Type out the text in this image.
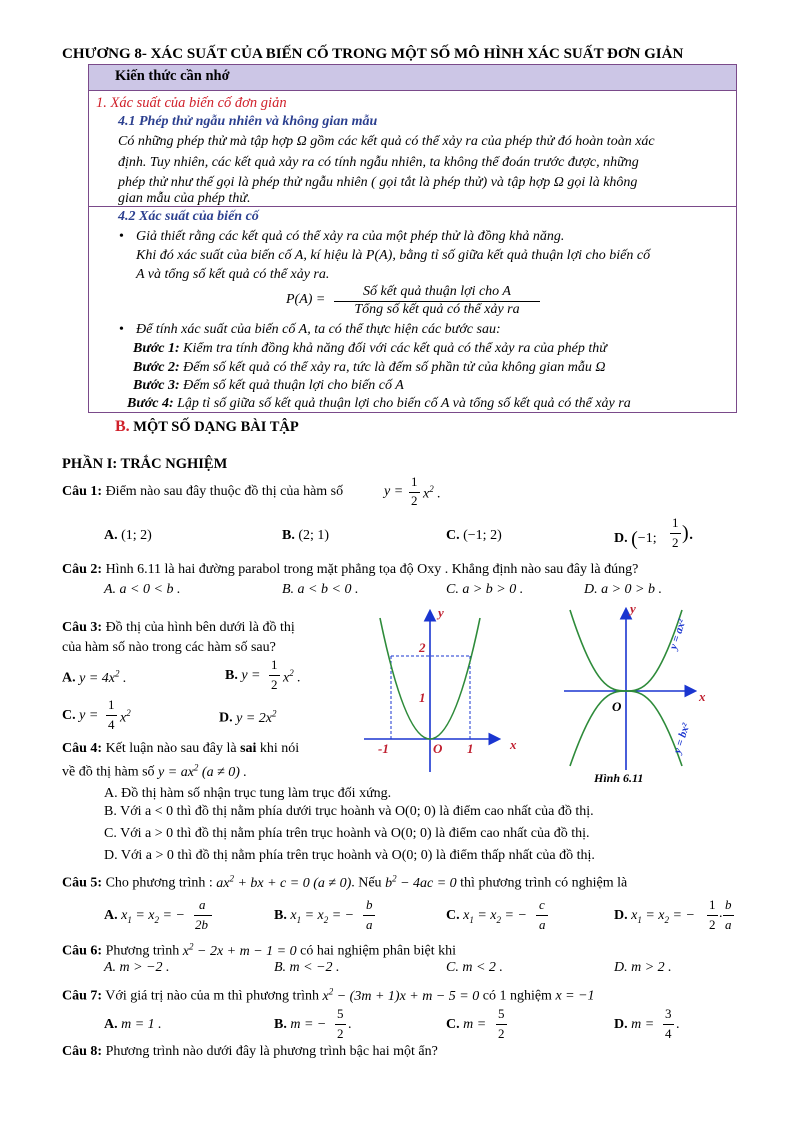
CHƯƠNG 8- XÁC SUẤT CỦA BIẾN CỐ TRONG MỘT SỐ MÔ HÌNH XÁC SUẤT ĐƠN GIẢN
Kiến thức cần nhớ
1. Xác suất của biến cố đơn giản
4.1 Phép thử ngẫu nhiên và không gian mẫu
Có những phép thử mà tập hợp Ω gồm các kết quả có thể xảy ra của phép thử đó hoàn toàn xác
định. Tuy nhiên, các kết quả xảy ra có tính ngẫu nhiên, ta không thể đoán trước được, những
phép thử như thế gọi là phép thử ngẫu nhiên ( gọi tắt là phép thử) và tập hợp Ω gọi là không
gian mẫu của phép thử.
4.2 Xác suất của biến cố
• Giả thiết rằng các kết quả có thể xảy ra của một phép thử là đồng khả năng.
Khi đó xác suất của biến cố A, kí hiệu là P(A), bằng tỉ số giữa kết quả thuận lợi cho biến cố
A và tổng số kết quả có thể xảy ra.
P(A) =
Số kết quả thuận lợi cho A
Tổng số kết quả có thể xảy ra
• Để tính xác suất của biến cố A, ta có thể thực hiện các bước sau:
Bước 1: Kiểm tra tính đồng khả năng đối với các kết quả có thể xảy ra của phép thử
Bước 2: Đếm số kết quả có thể xảy ra, tức là đếm số phần tử của không gian mẫu Ω
Bước 3: Đếm số kết quả thuận lợi cho biến cố A
Bước 4: Lập tỉ số giữa số kết quả thuận lợi cho biến cố A và tổng số kết quả có thể xảy ra
B. MỘT SỐ DẠNG BÀI TẬP
PHẦN I: TRẮC NGHIỆM
Câu 1: Điểm nào sau đây thuộc đồ thị của hàm số	y =
1
2 $x^2$ .
A. (1; 2)	B. (2; 1)	C. (−1; 2)	D. (−1;
1
2 ).
Câu 2: Hình 6.11 là hai đường parabol trong mặt phẳng tọa độ Oxy . Khẳng định nào sau đây là đúng?
A. a < 0 < b .	B. a < b < 0 .	C. a > b > 0 .	D. a > 0 > b .
Câu 3: Đồ thị của hình bên dưới là đồ thị
của hàm số nào trong các hàm số sau?
A. $y = 4x^2$ .	B. y =
1
2 $x^2$ .
C. y =
1
4 $x^2$	D. $y = 2x^2$
Câu 4: Kết luận nào sau đây là sai khi nói
về đồ thị hàm số $y = ax^2$ (a ≠ 0) .
A. Đồ thị hàm số nhận trục tung làm trục đối xứng.
B. Với a < 0 thì đồ thị nằm phía dưới trục hoành và O(0; 0) là điểm cao nhất của đồ thị.
C. Với a > 0 thì đồ thị nằm phía trên trục hoành và O(0; 0) là điểm cao nhất của đồ thị.
D. Với a > 0 thì đồ thị nằm phía trên trục hoành và O(0; 0) là điểm thấp nhất của đồ thị.
Câu 5: Cho phương trình : $ax^2$ + bx + c = 0 (a ≠ 0). Nếu $b^2 - 4ac = 0$ thì phương trình có nghiệm là
A. $x_1 = x_2$ = −
a
2b
B. $x_1 = x_2$ = −
b
a
C. $x_1 = x_2$ = −
c
a
D. $x_1 = x_2$ = −
1
2
.
b
a
Câu 6: Phương trình $x^2 - 2x + m - 1 = 0$ có hai nghiệm phân biệt khi
A. m > −2 .	B. m < −2 .	C. m < 2 .	D. m > 2 .
Câu 7: Với giá trị nào của m thì phương trình $x^2 - (3m + 1)x + m - 5 = 0$ có 1 nghiệm x = −1
A. m = 1 .	B. m = −
5
2
.	C. m =
5
2
D. m =
3
4
.
Câu 8: Phương trình nào dưới đây là phương trình bậc hai một ẩn?
y
x
2
1
-1	O 1
y
x
O
y = ax²
y = bx²
Hình 6.11
